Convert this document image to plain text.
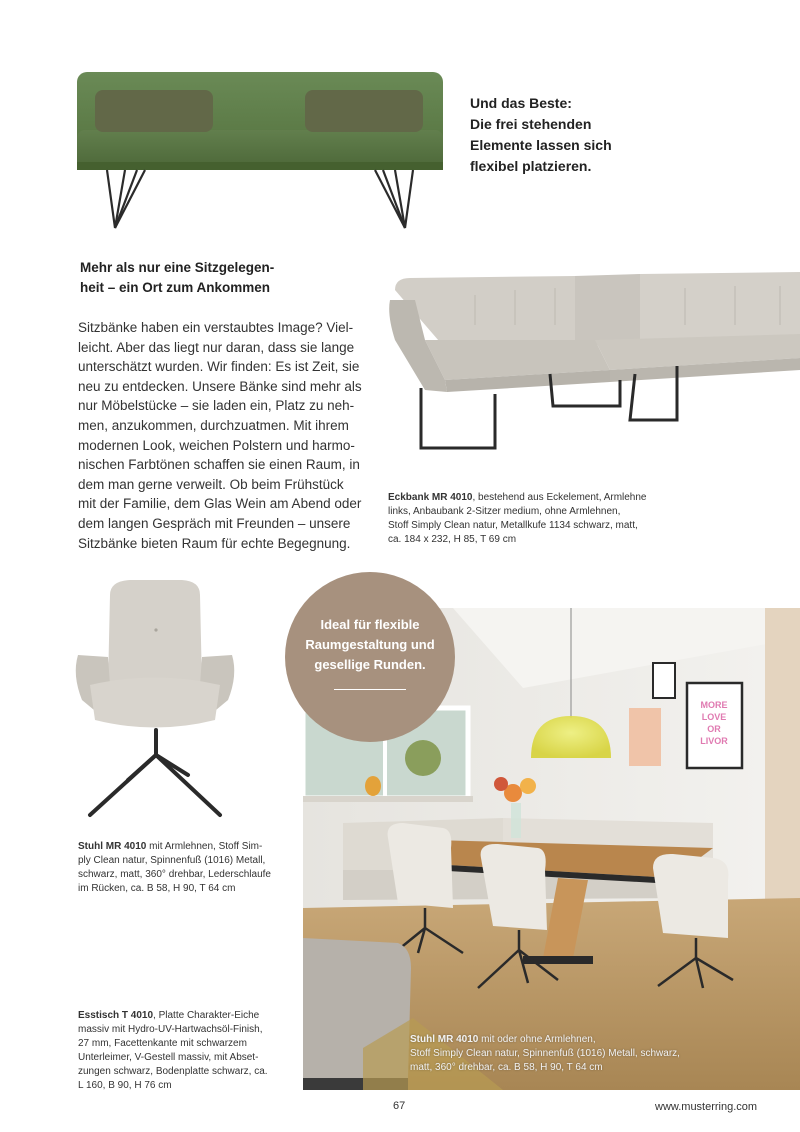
Und das Beste:
Die frei stehenden
Elemente lassen sich
flexibel platzieren.
Mehr als nur eine Sitzgelegen-
heit – ein Ort zum Ankommen
Sitzbänke haben ein verstaubtes Image? Viel-
leicht. Aber das liegt nur daran, dass sie lange
unterschätzt wurden. Wir finden: Es ist Zeit, sie
neu zu entdecken. Unsere Bänke sind mehr als
nur Möbelstücke – sie laden ein, Platz zu neh-
men, anzukommen, durchzuatmen. Mit ihrem
modernen Look, weichen Polstern und harmo-
nischen Farbtönen schaffen sie einen Raum, in
dem man gerne verweilt. Ob beim Frühstück
mit der Familie, dem Glas Wein am Abend oder
dem langen Gespräch mit Freunden – unsere
Sitzbänke bieten Raum für echte Begegnung.
Eckbank MR 4010, bestehend aus Eckelement, Armlehne
links, Anbaubank 2-Sitzer medium, ohne Armlehnen,
Stoff Simply Clean natur, Metallkufe 1134 schwarz, matt,
ca. 184 x 232, H 85, T 69 cm
Stuhl MR 4010 mit Armlehnen, Stoff Sim-
ply Clean natur, Spinnenfuß (1016) Metall,
schwarz, matt, 360° drehbar, Lederschlaufe
im Rücken, ca. B 58, H 90, T 64 cm
Esstisch T 4010, Platte Charakter-Eiche
massiv mit Hydro-UV-Hartwachsöl-Finish,
27 mm, Facettenkante mit schwarzem
Unterleimer, V-Gestell massiv, mit Abset-
zungen schwarz, Bodenplatte schwarz, ca.
L 160, B 90, H 76 cm
MORE
LOVE
OR
LIVOR
Stuhl MR 4010 mit oder ohne Armlehnen,
Stoff Simply Clean natur, Spinnenfuß (1016) Metall, schwarz,
matt, 360° drehbar, ca. B 58, H 90, T 64 cm
Ideal für flexible
Raumgestaltung und
gesellige Runden.
67	www.musterring.com
